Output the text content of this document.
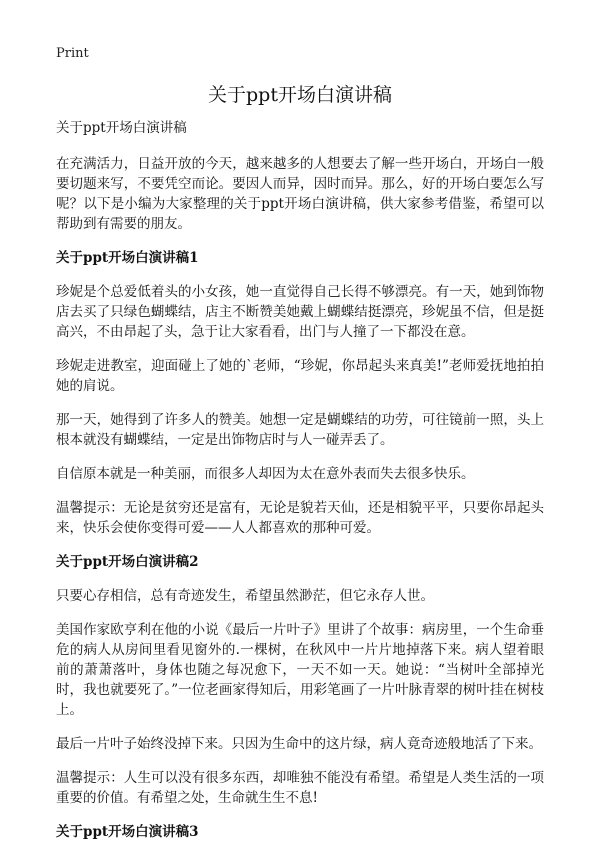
Print
关于ppt开场白演讲稿
关于ppt开场白演讲稿

在充满活力，日益开放的今天，越来越多的人想要去了解一些开场白，开场白一般要切题来写，不要凭空而论。要因人而异，因时而异。那么，好的开场白要怎么写呢？以下是小编为大家整理的关于ppt开场白演讲稿，供大家参考借鉴，希望可以帮助到有需要的朋友。

关于ppt开场白演讲稿1

珍妮是个总爱低着头的小女孩，她一直觉得自己长得不够漂亮。有一天，她到饰物店去买了只绿色蝴蝶结，店主不断赞美她戴上蝴蝶结挺漂亮，珍妮虽不信，但是挺高兴，不由昂起了头，急于让大家看看，出门与人撞了一下都没在意。

珍妮走进教室，迎面碰上了她的`老师，“珍妮，你昂起头来真美!”老师爱抚地拍拍她的肩说。

那一天，她得到了许多人的赞美。她想一定是蝴蝶结的功劳，可往镜前一照，头上根本就没有蝴蝶结，一定是出饰物店时与人一碰弄丢了。

自信原本就是一种美丽，而很多人却因为太在意外表而失去很多快乐。

温馨提示：无论是贫穷还是富有，无论是貌若天仙，还是相貌平平，只要你昂起头来，快乐会使你变得可爱——人人都喜欢的那种可爱。

关于ppt开场白演讲稿2

只要心存相信，总有奇迹发生，希望虽然渺茫，但它永存人世。

美国作家欧亨利在他的小说《最后一片叶子》里讲了个故事：病房里，一个生命垂危的病人从房间里看见窗外的.一棵树，在秋风中一片片地掉落下来。病人望着眼前的萧萧落叶，身体也随之每况愈下，一天不如一天。她说：“当树叶全部掉光时，我也就要死了。”一位老画家得知后，用彩笔画了一片叶脉青翠的树叶挂在树枝上。

最后一片叶子始终没掉下来。只因为生命中的这片绿，病人竟奇迹般地活了下来。

温馨提示：人生可以没有很多东西，却唯独不能没有希望。希望是人类生活的一项重要的价值。有希望之处，生命就生生不息!

关于ppt开场白演讲稿3
